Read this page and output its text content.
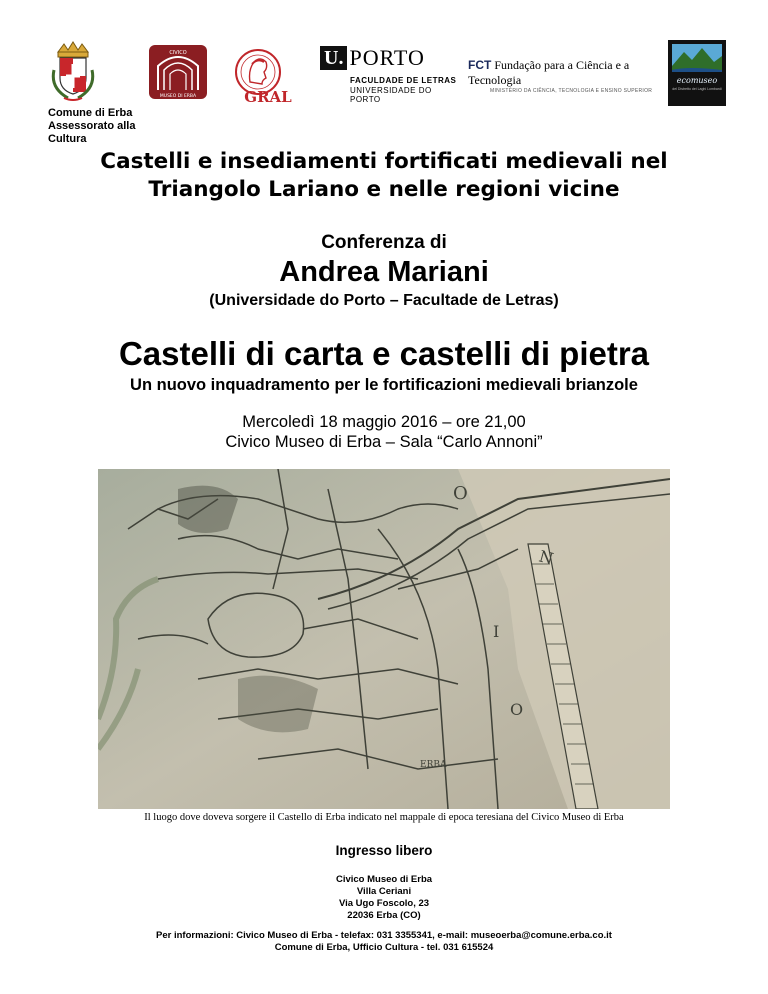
CIVICO
MUSEO DI ERBA	GRAL
U. PORTO
FACULDADE DE LETRAS
UNIVERSIDADE DO PORTO
FCT Fundação para a Ciência e a Tecnologia
MINISTÉRIO DA CIÊNCIA, TECNOLOGIA E ENSINO SUPERIOR
ecomuseo
del Distretto dei Laghi Lombardi
Comune di Erba
Assessorato alla
Cultura
Castelli e insediamenti fortificati medievali nel
Triangolo Lariano e nelle regioni vicine
Conferenza di
Andrea Mariani
(Universidade do Porto – Facultade de Letras)
Castelli di carta e castelli di pietra
Un nuovo inquadramento per le fortificazioni medievali brianzole
Mercoledì 18 maggio 2016 – ore 21,00
Civico Museo di Erba – Sala “Carlo Annoni”
O
N
I
O
ERBA
Il luogo dove doveva sorgere il Castello di Erba indicato nel mappale di epoca teresiana del Civico Museo di Erba
Ingresso libero
Civico Museo di Erba
Villa Ceriani
Via Ugo Foscolo, 23
22036 Erba (CO)
Per informazioni: Civico Museo di Erba - telefax: 031 3355341, e-mail: museoerba@comune.erba.co.it
Comune di Erba, Ufficio Cultura - tel. 031 615524
